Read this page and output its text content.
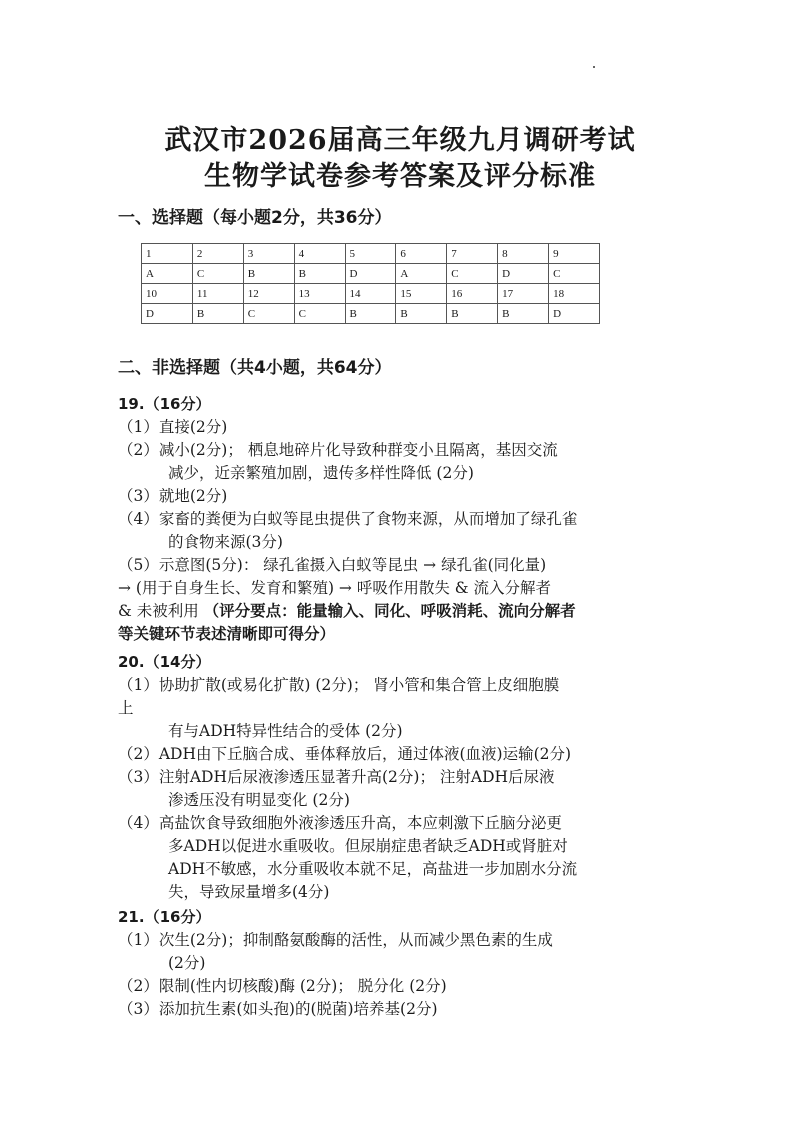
武汉市2026届高三年级九月调研考试
生物学试卷参考答案及评分标准
一、选择题（每小题2分，共36分）
1	2	3	4	5	6	7	8	9
A	C	B	B	D	A	C	D	C
10	11	12	13	14	15	16	17	18
D	B	C	C	B	B	B	B	D
二、非选择题（共4小题，共64分）
19.（16分）
（1）直接(2分)
（2）减小(2分)； 栖息地碎片化导致种群变小且隔离，基因交流
减少，近亲繁殖加剧，遗传多样性降低 (2分)
（3）就地(2分)
（4）家畜的粪便为白蚁等昆虫提供了食物来源，从而增加了绿孔雀
的食物来源(3分)
（5）示意图(5分)： 绿孔雀摄入白蚁等昆虫 → 绿孔雀(同化量)
→ (用于自身生长、发育和繁殖) → 呼吸作用散失 & 流入分解者
& 未被利用 （评分要点：能量输入、同化、呼吸消耗、流向分解者
等关键环节表述清晰即可得分）
20.（14分）
（1）协助扩散(或易化扩散) (2分)； 肾小管和集合管上皮细胞膜
上
有与ADH特异性结合的受体 (2分)
（2）ADH由下丘脑合成、垂体释放后，通过体液(血液)运输(2分)
（3）注射ADH后尿液渗透压显著升高(2分)； 注射ADH后尿液
渗透压没有明显变化 (2分)
（4）高盐饮食导致细胞外液渗透压升高，本应刺激下丘脑分泌更
多ADH以促进水重吸收。但尿崩症患者缺乏ADH或肾脏对
ADH不敏感，水分重吸收本就不足，高盐进一步加剧水分流
失，导致尿量增多(4分)
21.（16分）
（1）次生(2分)；抑制酪氨酸酶的活性，从而减少黑色素的生成
(2分)
（2）限制(性内切核酸)酶 (2分)； 脱分化 (2分)
（3）添加抗生素(如头孢)的(脱菌)培养基(2分)
